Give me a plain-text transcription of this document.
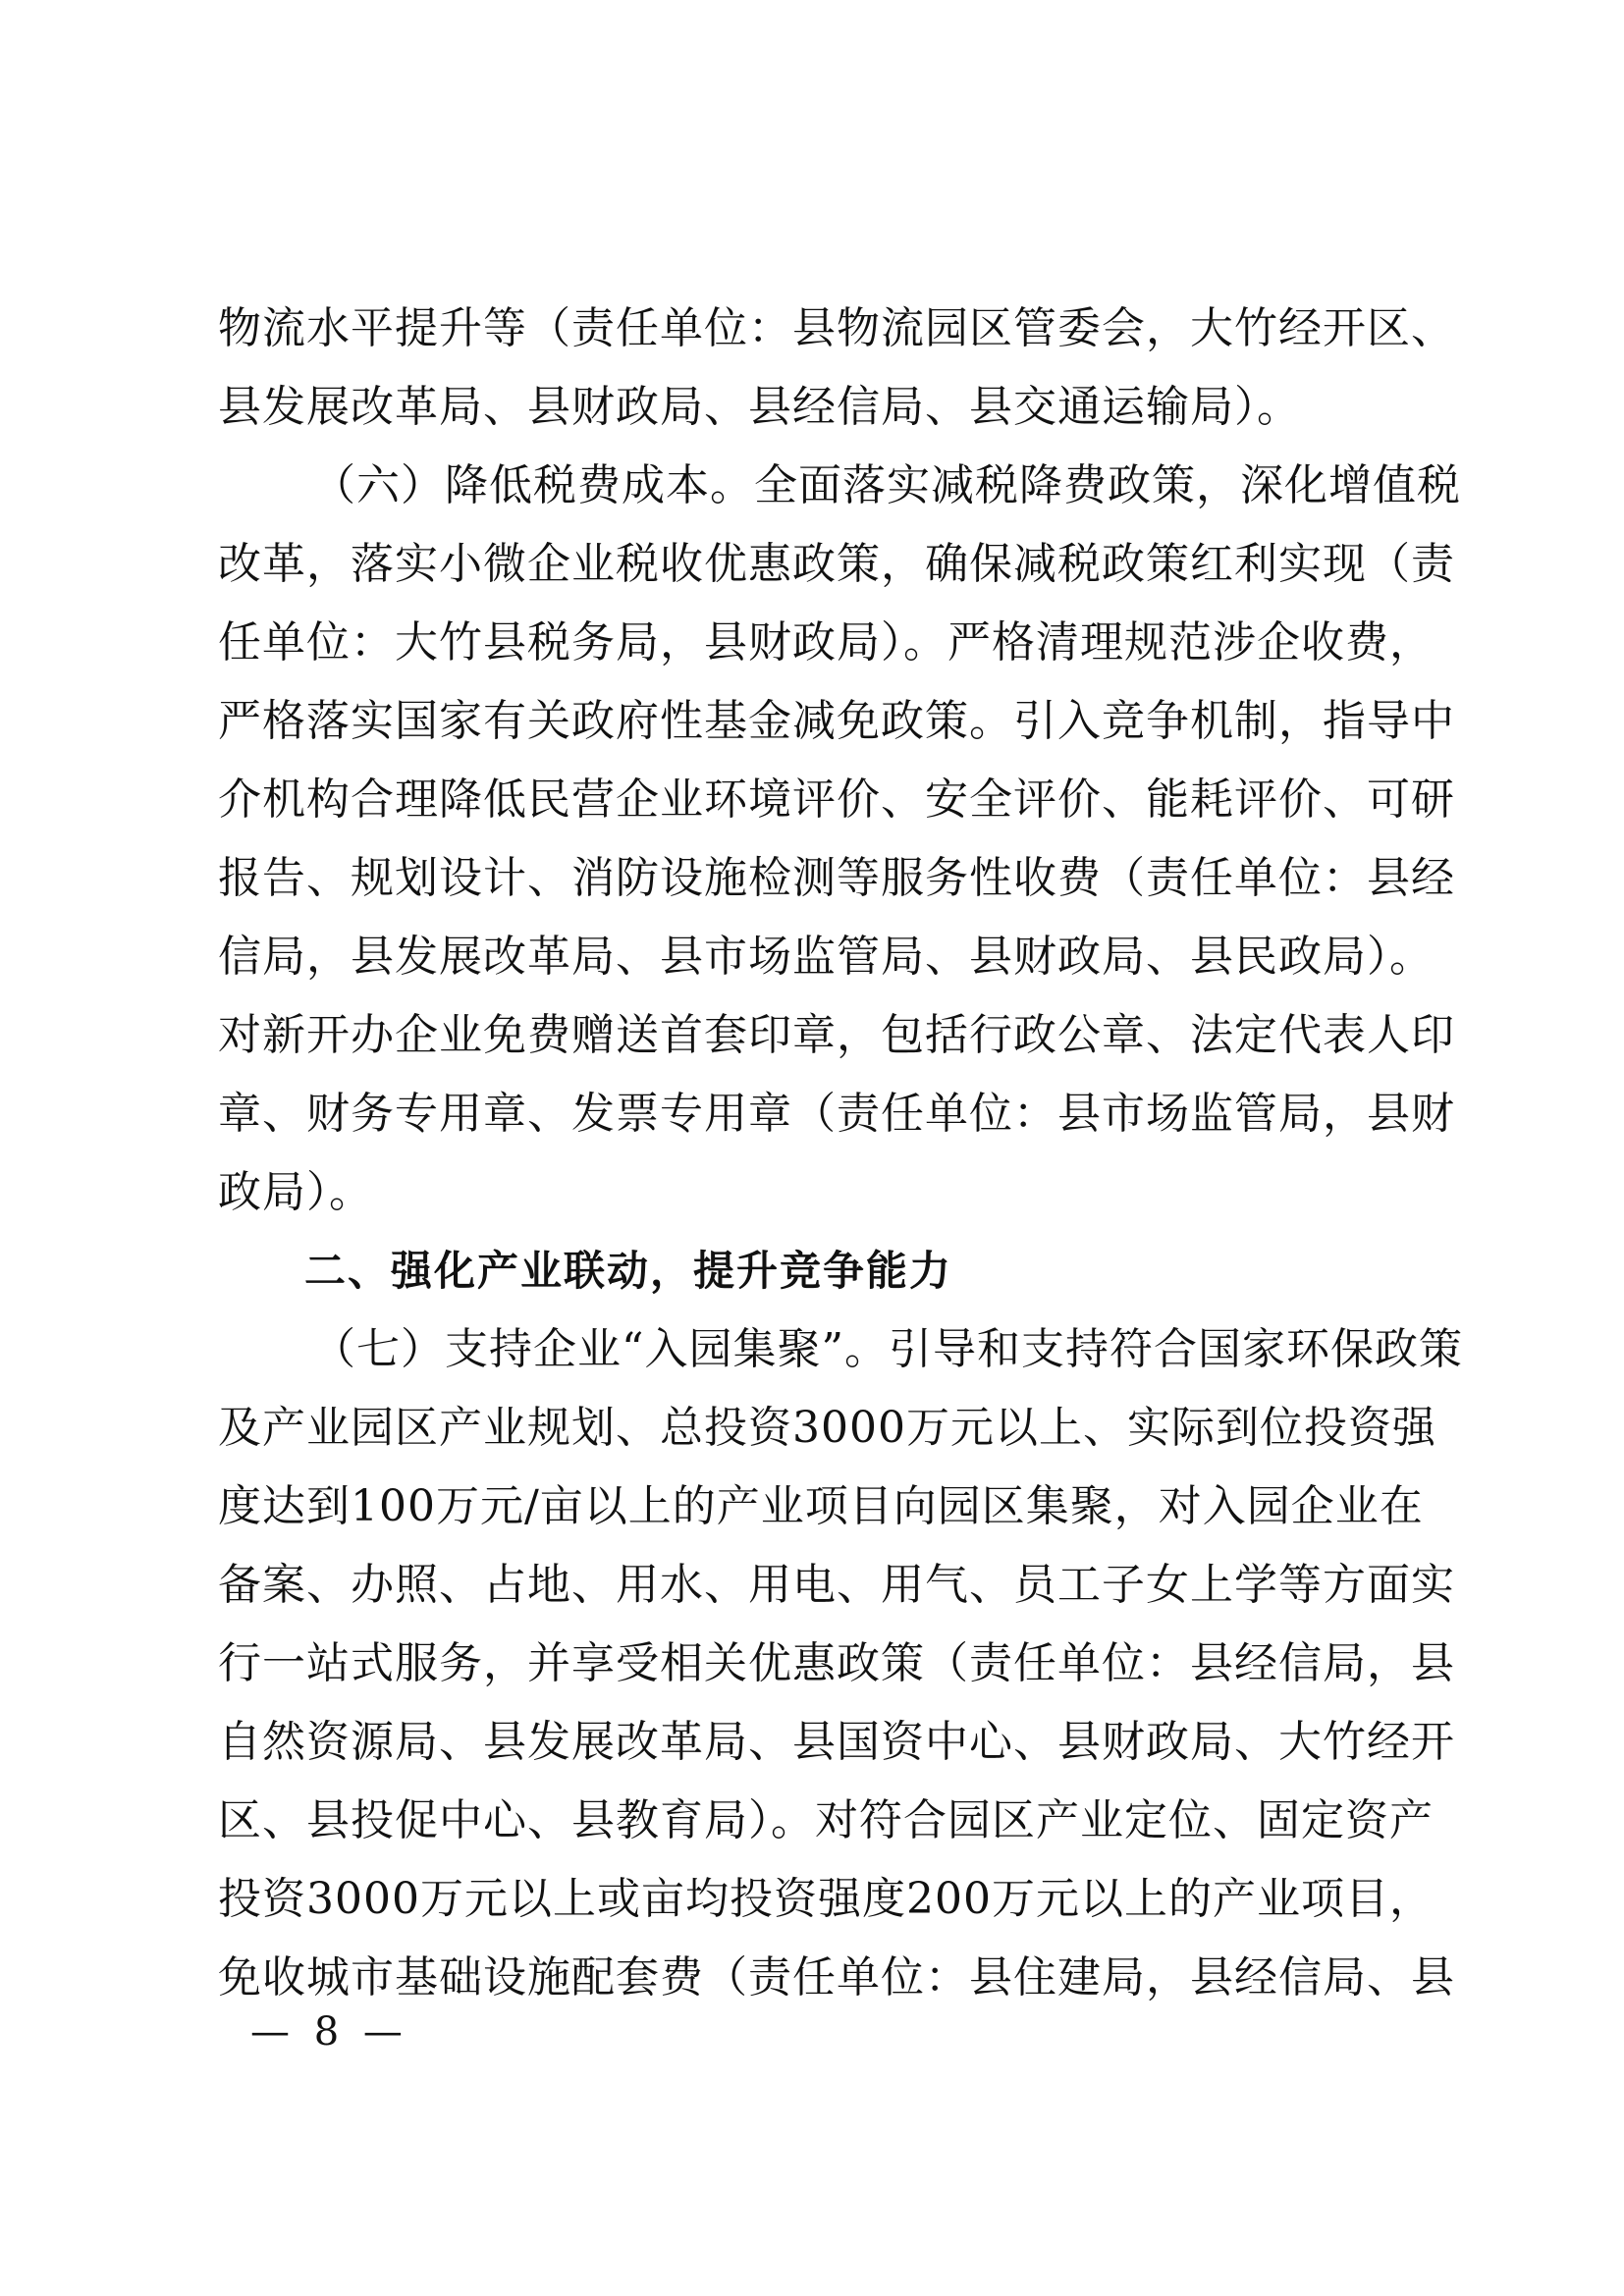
物流水平提升等（责任单位：县物流园区管委会，大竹经开区、
县发展改革局、县财政局、县经信局、县交通运输局）。
（六）降低税费成本。全面落实减税降费政策，深化增值税
改革，落实小微企业税收优惠政策，确保减税政策红利实现（责
任单位：大竹县税务局，县财政局）。严格清理规范涉企收费，
严格落实国家有关政府性基金减免政策。引入竞争机制，指导中
介机构合理降低民营企业环境评价、安全评价、能耗评价、可研
报告、规划设计、消防设施检测等服务性收费（责任单位：县经
信局，县发展改革局、县市场监管局、县财政局、县民政局）。
对新开办企业免费赠送首套印章，包括行政公章、法定代表人印
章、财务专用章、发票专用章（责任单位：县市场监管局，县财
政局）。
二、强化产业联动，提升竞争能力
（七）支持企业“入园集聚”。引导和支持符合国家环保政策
及产业园区产业规划、总投资3000万元以上、实际到位投资强
度达到100万元/亩以上的产业项目向园区集聚，对入园企业在
备案、办照、占地、用水、用电、用气、员工子女上学等方面实
行一站式服务，并享受相关优惠政策（责任单位：县经信局，县
自然资源局、县发展改革局、县国资中心、县财政局、大竹经开
区、县投促中心、县教育局）。对符合园区产业定位、固定资产
投资3000万元以上或亩均投资强度200万元以上的产业项目，
免收城市基础设施配套费（责任单位：县住建局，县经信局、县
— 8 —
